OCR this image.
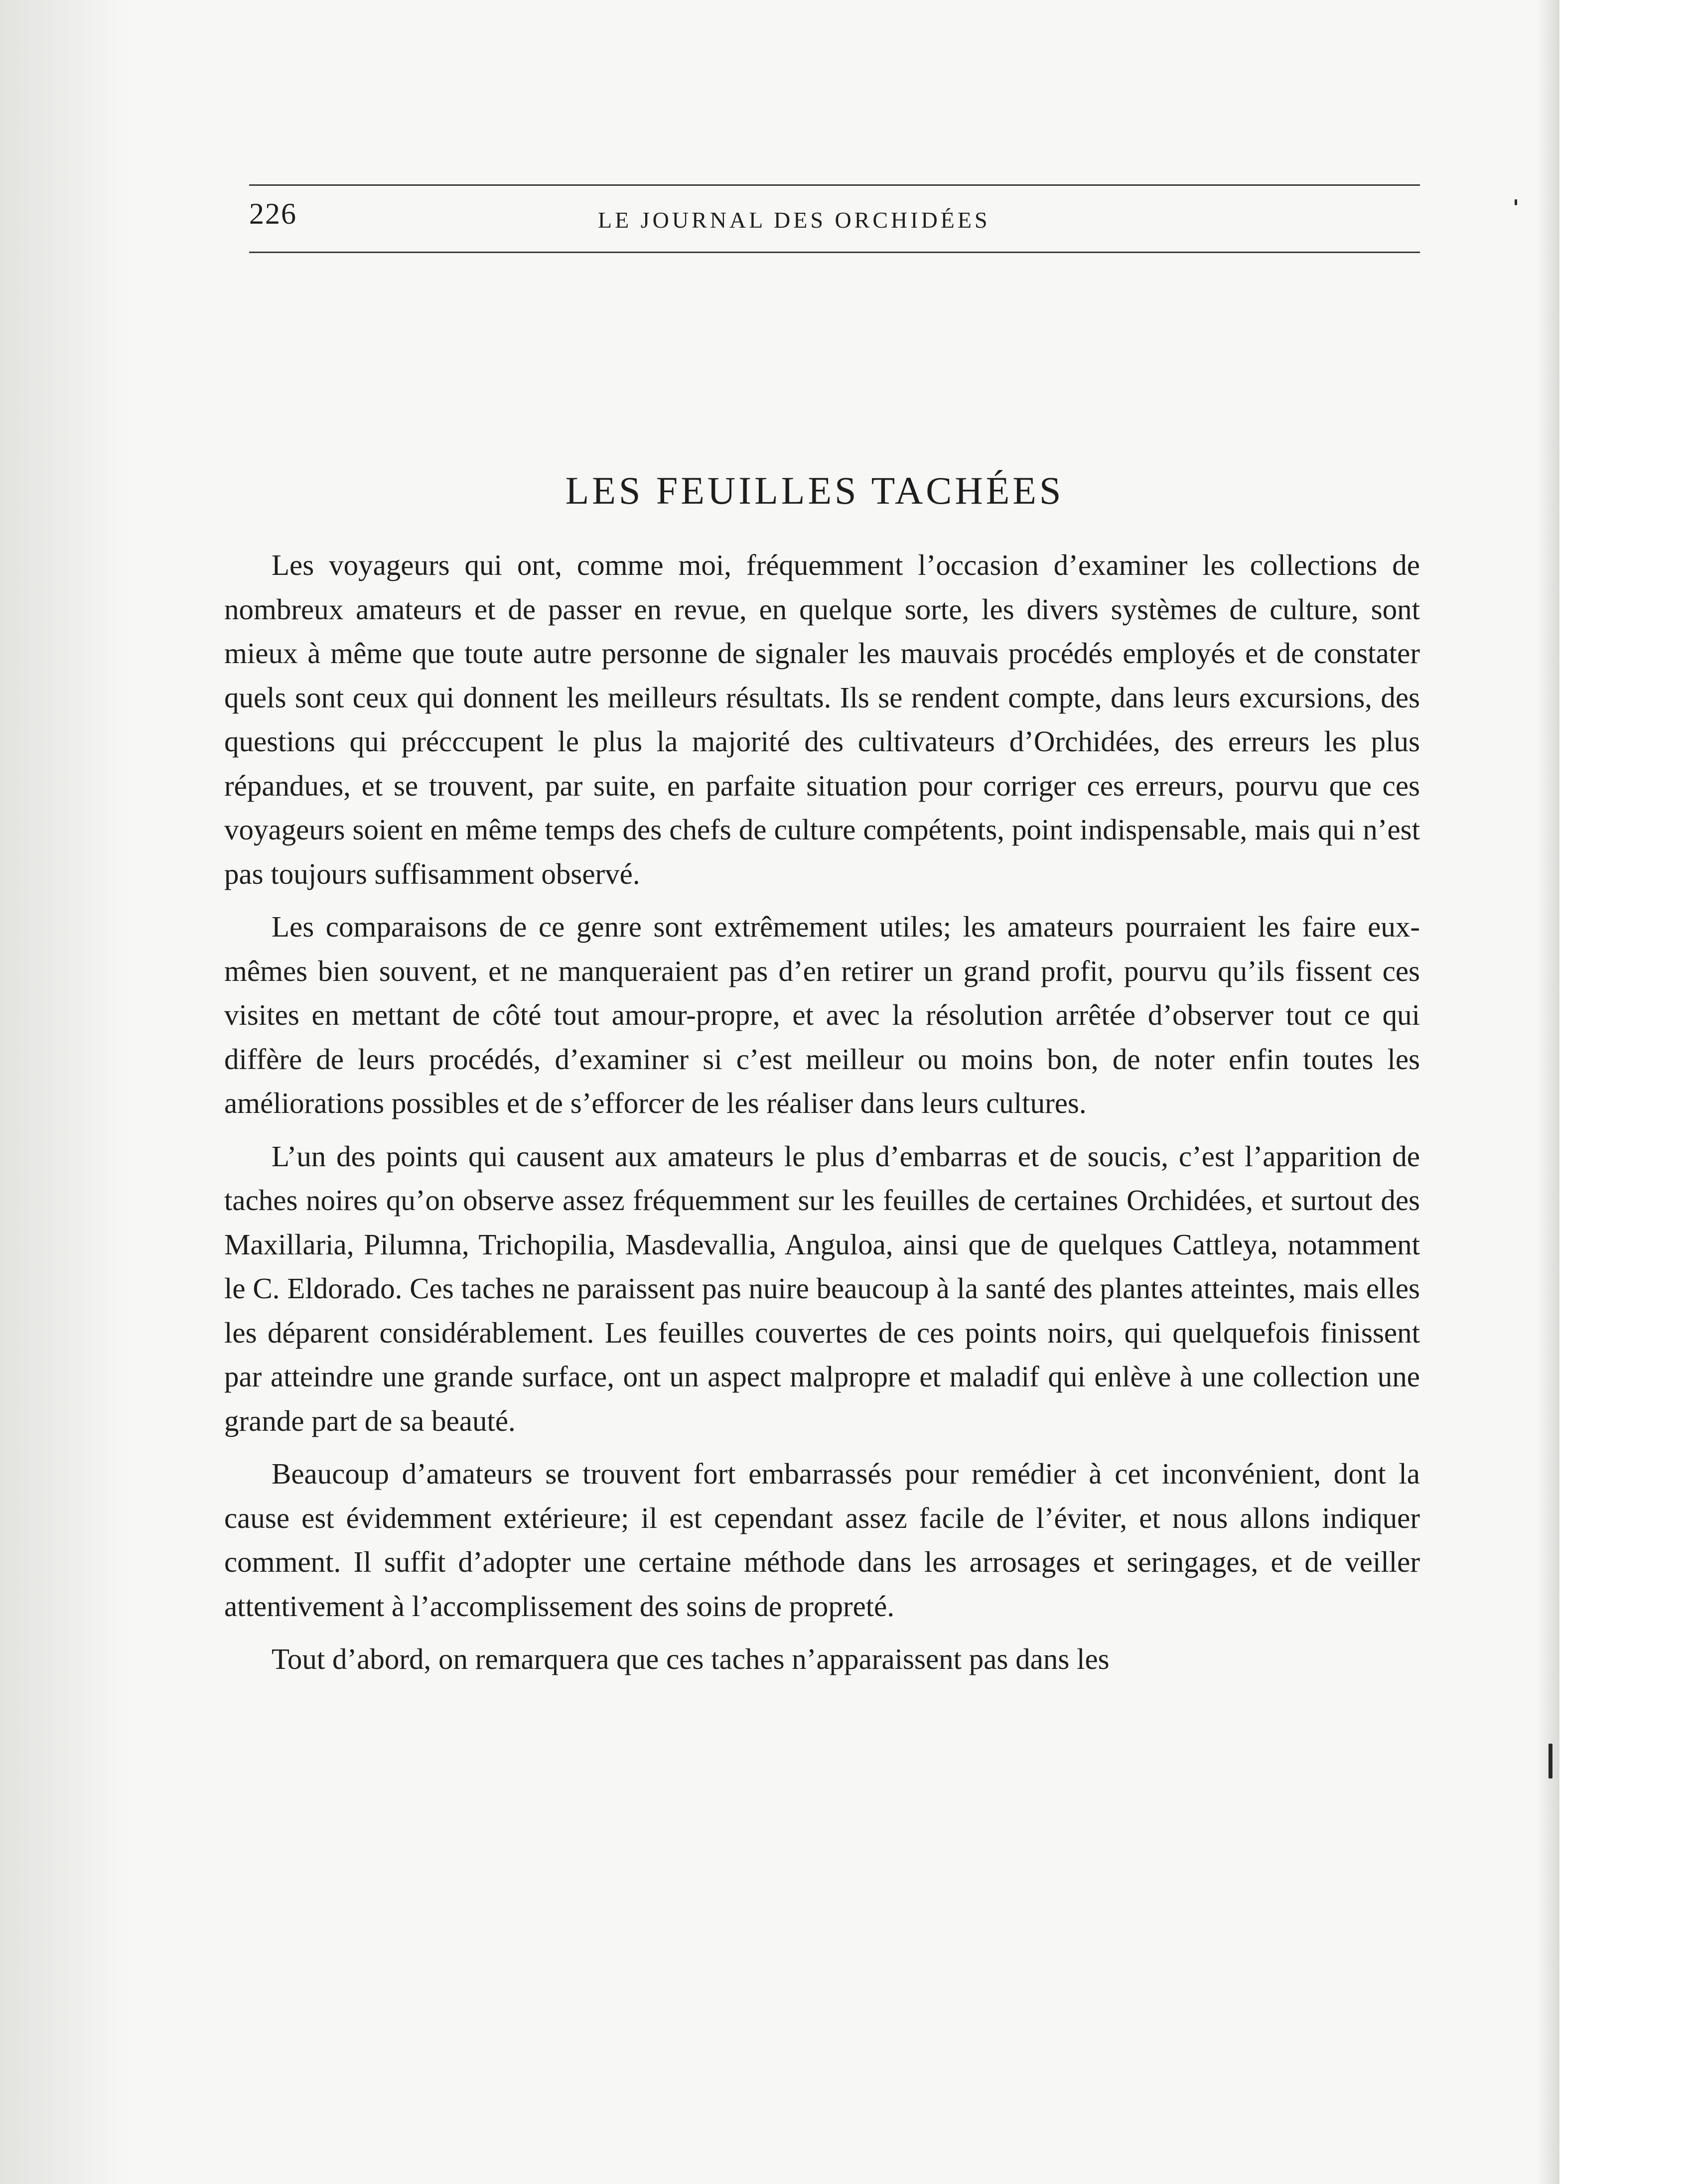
226	LE JOURNAL DES ORCHIDÉES
LES FEUILLES TACHÉES

Les voyageurs qui ont, comme moi, fréquemment l’occasion d’examiner les collections de nombreux amateurs et de passer en revue, en quelque sorte, les divers systèmes de culture, sont mieux à même que toute autre personne de signaler les mauvais procédés employés et de constater quels sont ceux qui donnent les meilleurs résultats. Ils se rendent compte, dans leurs excursions, des questions qui précccupent le plus la majorité des cultivateurs d’Orchidées, des erreurs les plus répandues, et se trouvent, par suite, en parfaite situation pour corriger ces erreurs, pourvu que ces voyageurs soient en même temps des chefs de culture compétents, point indispensable, mais qui n’est pas toujours suffisamment observé.

Les comparaisons de ce genre sont extrêmement utiles; les amateurs pourraient les faire eux-mêmes bien souvent, et ne manqueraient pas d’en retirer un grand profit, pourvu qu’ils fissent ces visites en mettant de côté tout amour-propre, et avec la résolution arrêtée d’observer tout ce qui diffère de leurs procédés, d’examiner si c’est meilleur ou moins bon, de noter enfin toutes les améliorations possibles et de s’efforcer de les réaliser dans leurs cultures.

L’un des points qui causent aux amateurs le plus d’embarras et de soucis, c’est l’apparition de taches noires qu’on observe assez fréquemment sur les feuilles de certaines Orchidées, et surtout des Maxillaria, Pilumna, Trichopilia, Masdevallia, Anguloa, ainsi que de quelques Cattleya, notamment le C. Eldorado. Ces taches ne paraissent pas nuire beaucoup à la santé des plantes atteintes, mais elles les déparent considérablement. Les feuilles couvertes de ces points noirs, qui quelquefois finissent par atteindre une grande surface, ont un aspect malpropre et maladif qui enlève à une collection une grande part de sa beauté.

Beaucoup d’amateurs se trouvent fort embarrassés pour remédier à cet inconvénient, dont la cause est évidemment extérieure; il est cependant assez facile de l’éviter, et nous allons indiquer comment. Il suffit d’adopter une certaine méthode dans les arrosages et seringages, et de veiller attentivement à l’accomplissement des soins de propreté.

Tout d’abord, on remarquera que ces taches n’apparaissent pas dans les
